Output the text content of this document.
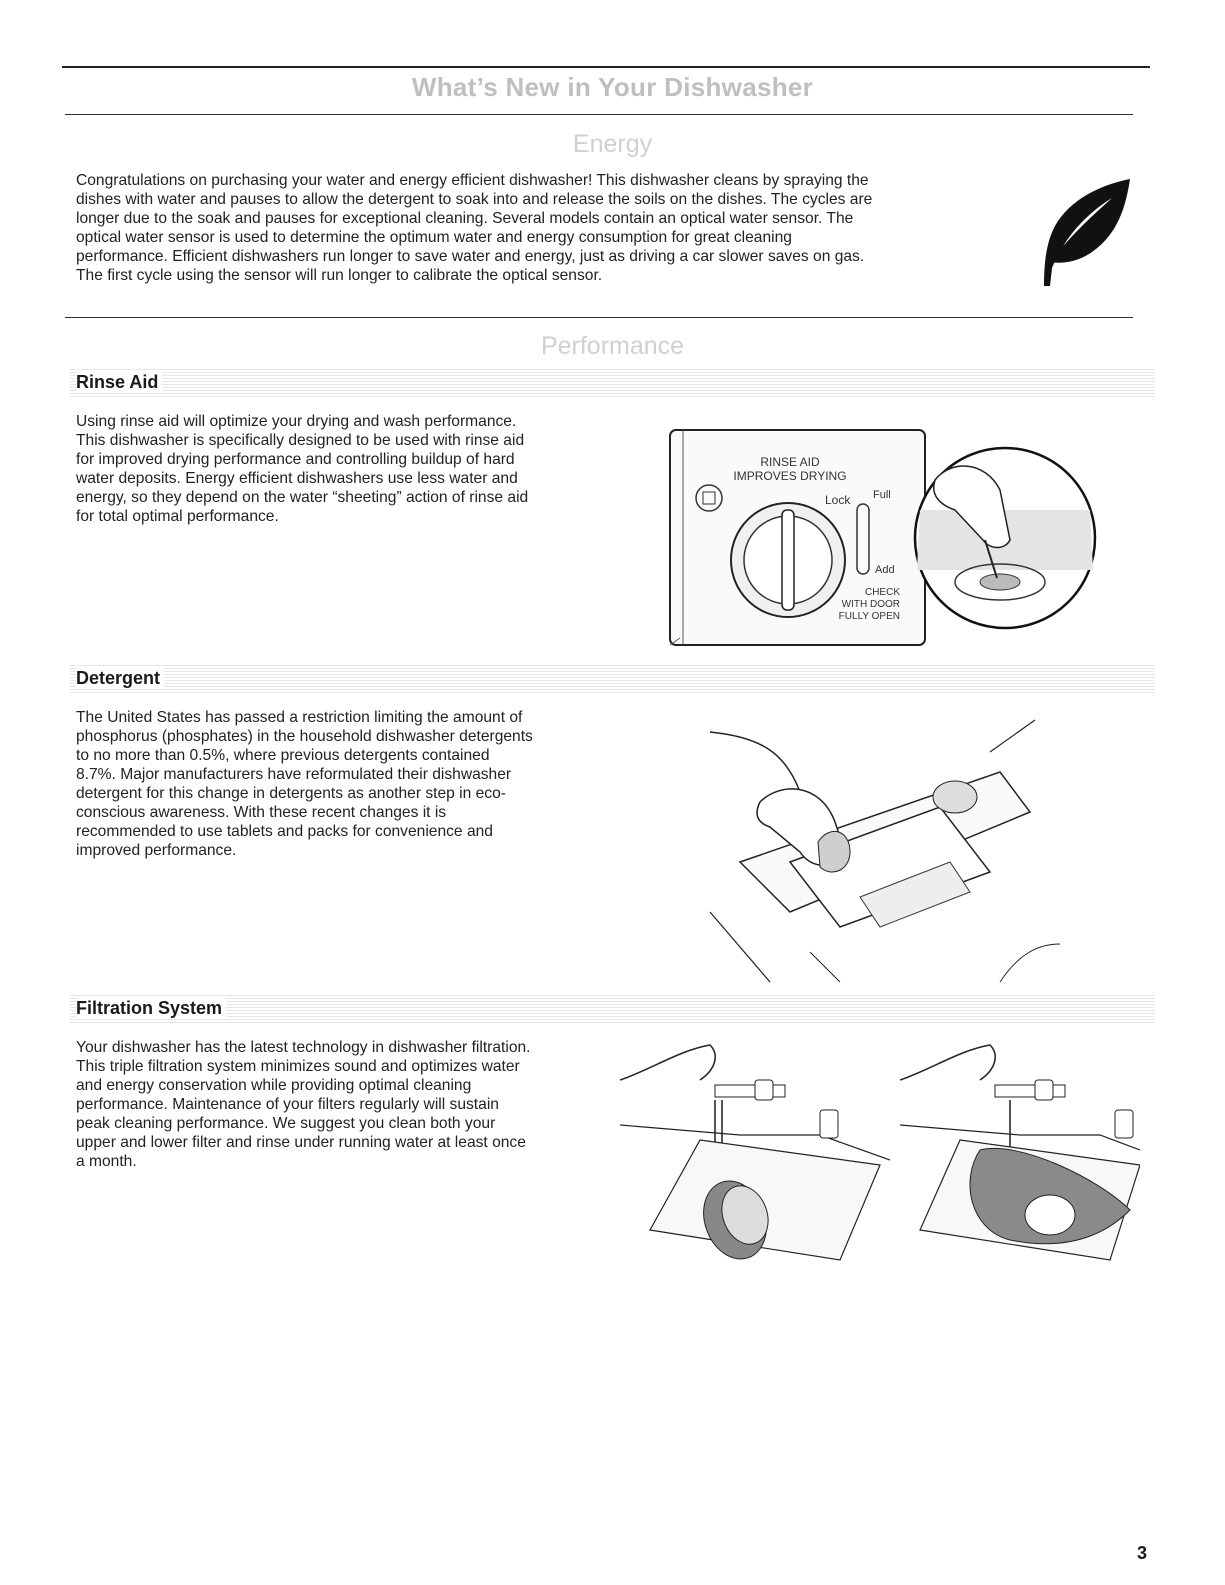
What’s New in Your Dishwasher
Energy
Congratulations on purchasing your water and energy efficient dishwasher! This dishwasher cleans by spraying the
dishes with water and pauses to allow the detergent to soak into and release the soils on the dishes. The cycles are
longer due to the soak and pauses for exceptional cleaning. Several models contain an optical water sensor. The
optical water sensor is used to determine the optimum water and energy consumption for great cleaning
performance. Efficient dishwashers run longer to save water and energy, just as driving a car slower saves on gas.
The first cycle using the sensor will run longer to calibrate the optical sensor.
Performance
Rinse Aid
Using rinse aid will optimize your drying and wash performance.
This dishwasher is specifically designed to be used with rinse aid
for improved drying performance and controlling buildup of hard
water deposits. Energy efficient dishwashers use less water and
energy, so they depend on the water “sheeting” action of rinse aid
for total optimal performance.
RINSE AID
IMPROVES DRYING
Lock Full
Add
CHECK
WITH DOOR
FULLY OPEN
Detergent
The United States has passed a restriction limiting the amount of
phosphorus (phosphates) in the household dishwasher detergents
to no more than 0.5%, where previous detergents contained
8.7%. Major manufacturers have reformulated their dishwasher
detergent for this change in detergents as another step in eco-
conscious awareness. With these recent changes it is
recommended to use tablets and packs for convenience and
improved performance.
Filtration System
Your dishwasher has the latest technology in dishwasher filtration.
This triple filtration system minimizes sound and optimizes water
and energy conservation while providing optimal cleaning
performance. Maintenance of your filters regularly will sustain
peak cleaning performance. We suggest you clean both your
upper and lower filter and rinse under running water at least once
a month.
3
